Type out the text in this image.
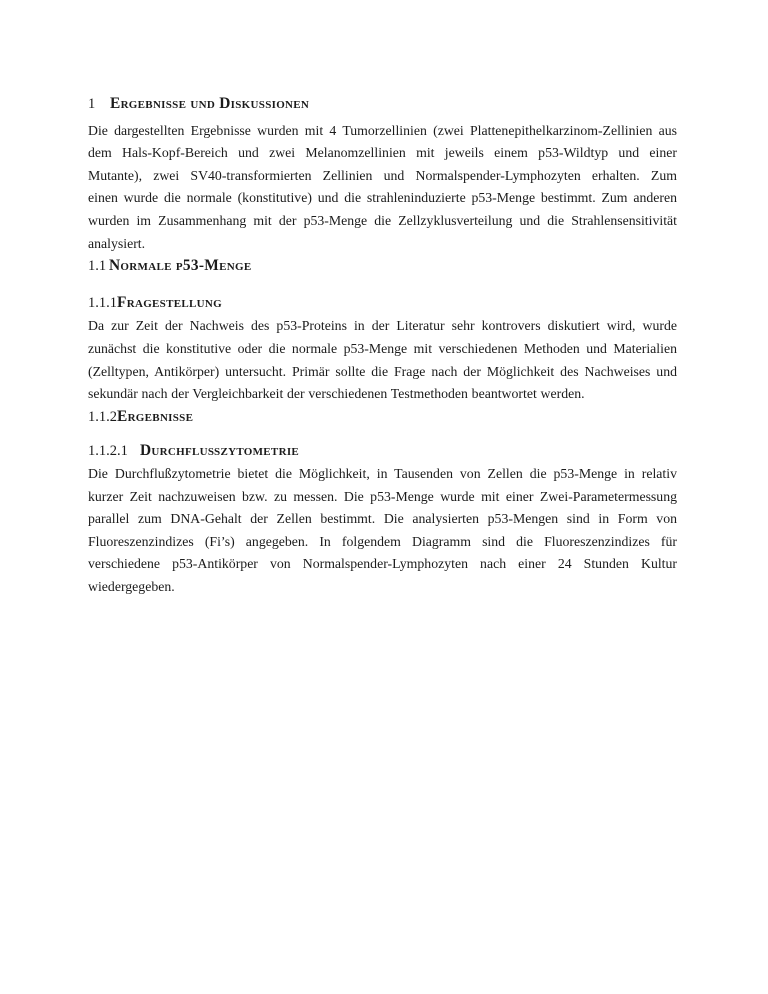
1 Ergebnisse und Diskussionen
Die dargestellten Ergebnisse wurden mit 4 Tumorzellinien (zwei Plattenepithelkarzinom-Zellinien aus
dem Hals-Kopf-Bereich und zwei Melanomzellinien mit jeweils einem p53-Wildtyp und einer
Mutante), zwei SV40-transformierten Zellinien und Normalspender-Lymphozyten erhalten. Zum
einen wurde die normale (konstitutive) und die strahleninduzierte p53-Menge bestimmt. Zum anderen
wurden im Zusammenhang mit der p53-Menge die Zellzyklusverteilung und die Strahlensensitivität
analysiert.
1.1 Normale p53-Menge
1.1.1Fragestellung
Da zur Zeit der Nachweis des p53-Proteins in der Literatur sehr kontrovers diskutiert wird, wurde
zunächst die konstitutive oder die normale p53-Menge mit verschiedenen Methoden und Materialien
(Zelltypen, Antikörper) untersucht. Primär sollte die Frage nach der Möglichkeit des Nachweises und
sekundär nach der Vergleichbarkeit der verschiedenen Testmethoden beantwortet werden.
1.1.2Ergebnisse
1.1.2.1 Durchflußzytometrie
Die Durchflußzytometrie bietet die Möglichkeit, in Tausenden von Zellen die p53-Menge in relativ
kurzer Zeit nachzuweisen bzw. zu messen. Die p53-Menge wurde mit einer Zwei-Parametermessung
parallel zum DNA-Gehalt der Zellen bestimmt. Die analysierten p53-Mengen sind in Form von
Fluoreszenzindizes (Fi’s) angegeben. In folgendem Diagramm sind die Fluoreszenzindizes für
verschiedene p53-Antikörper von Normalspender-Lymphozyten nach einer 24 Stunden Kultur
wiedergegeben.
